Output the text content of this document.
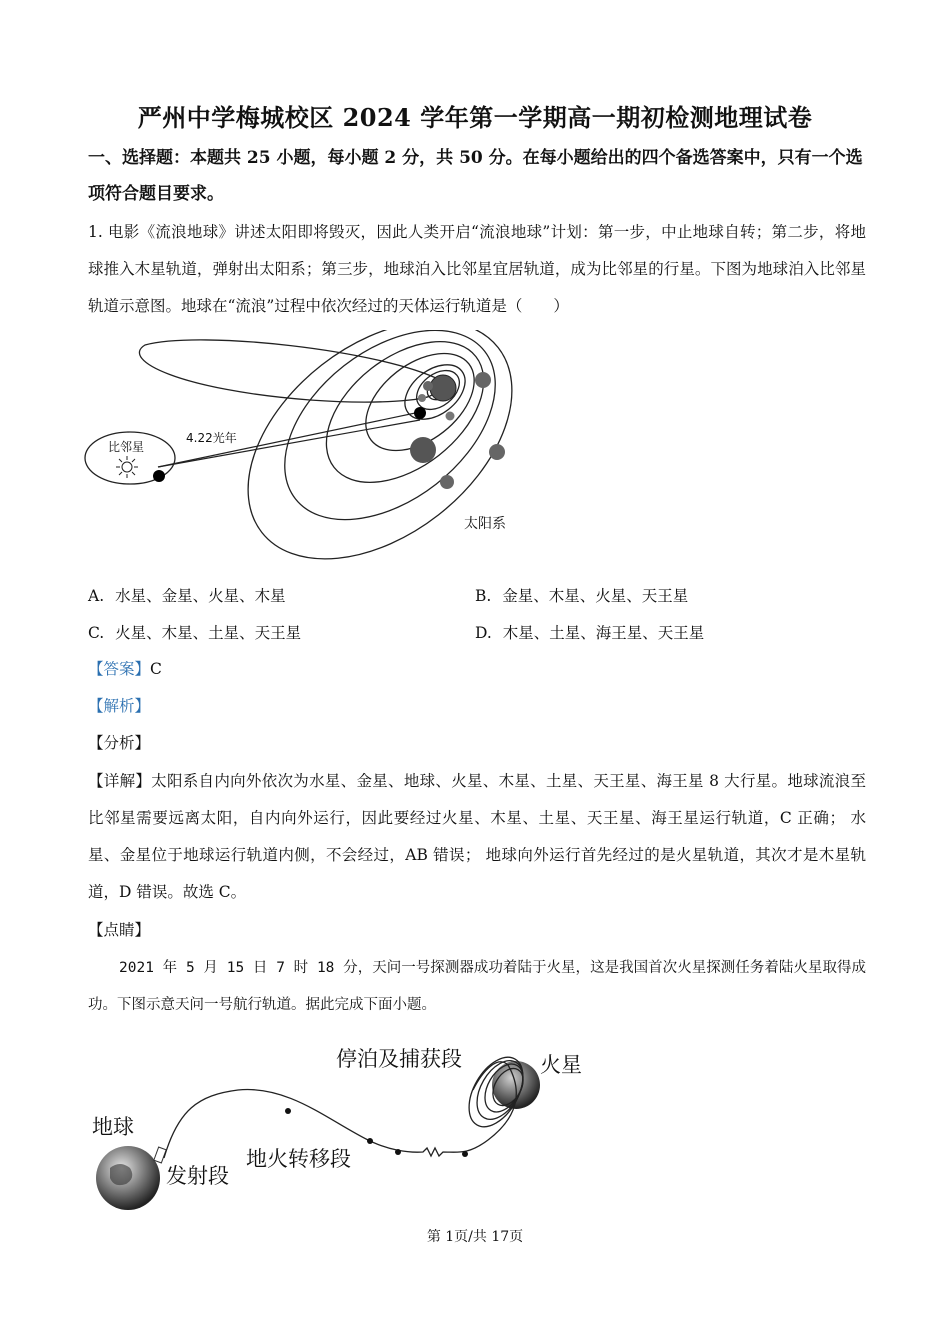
严州中学梅城校区 2024 学年第一学期高一期初检测地理试卷
一、选择题：本题共 25 小题，每小题 2 分，共 50 分。在每小题给出的四个备选答案中，只有一个选项符合题目要求。
1. 电影《流浪地球》讲述太阳即将毁灭，因此人类开启“流浪地球”计划：第一步，中止地球自转；第二步，将地球推入木星轨道，弹射出太阳系；第三步，地球泊入比邻星宜居轨道，成为比邻星的行星。下图为地球泊入比邻星轨道示意图。地球在“流浪”过程中依次经过的天体运行轨道是（　　）
比邻星
4.22光年
太阳系
A. 水星、金星、火星、木星	B. 金星、木星、火星、天王星
C. 火星、木星、土星、天王星	D. 木星、土星、海王星、天王星
【答案】C
【解析】
【分析】
【详解】太阳系自内向外依次为水星、金星、地球、火星、木星、土星、天王星、海王星 8 大行星。地球流浪至比邻星需要远离太阳，自内向外运行，因此要经过火星、木星、土星、天王星、海王星运行轨道，C 正确； 水星、金星位于地球运行轨道内侧，不会经过，AB 错误； 地球向外运行首先经过的是火星轨道，其次才是木星轨道，D 错误。故选 C。
【点睛】
2021 年 5 月 15 日 7 时 18 分，天问一号探测器成功着陆于火星，这是我国首次火星探测任务着陆火星取得成功。下图示意天问一号航行轨道。据此完成下面小题。
停泊及捕获段	火星
地球
发射段
地火转移段
第 1页/共 17页
